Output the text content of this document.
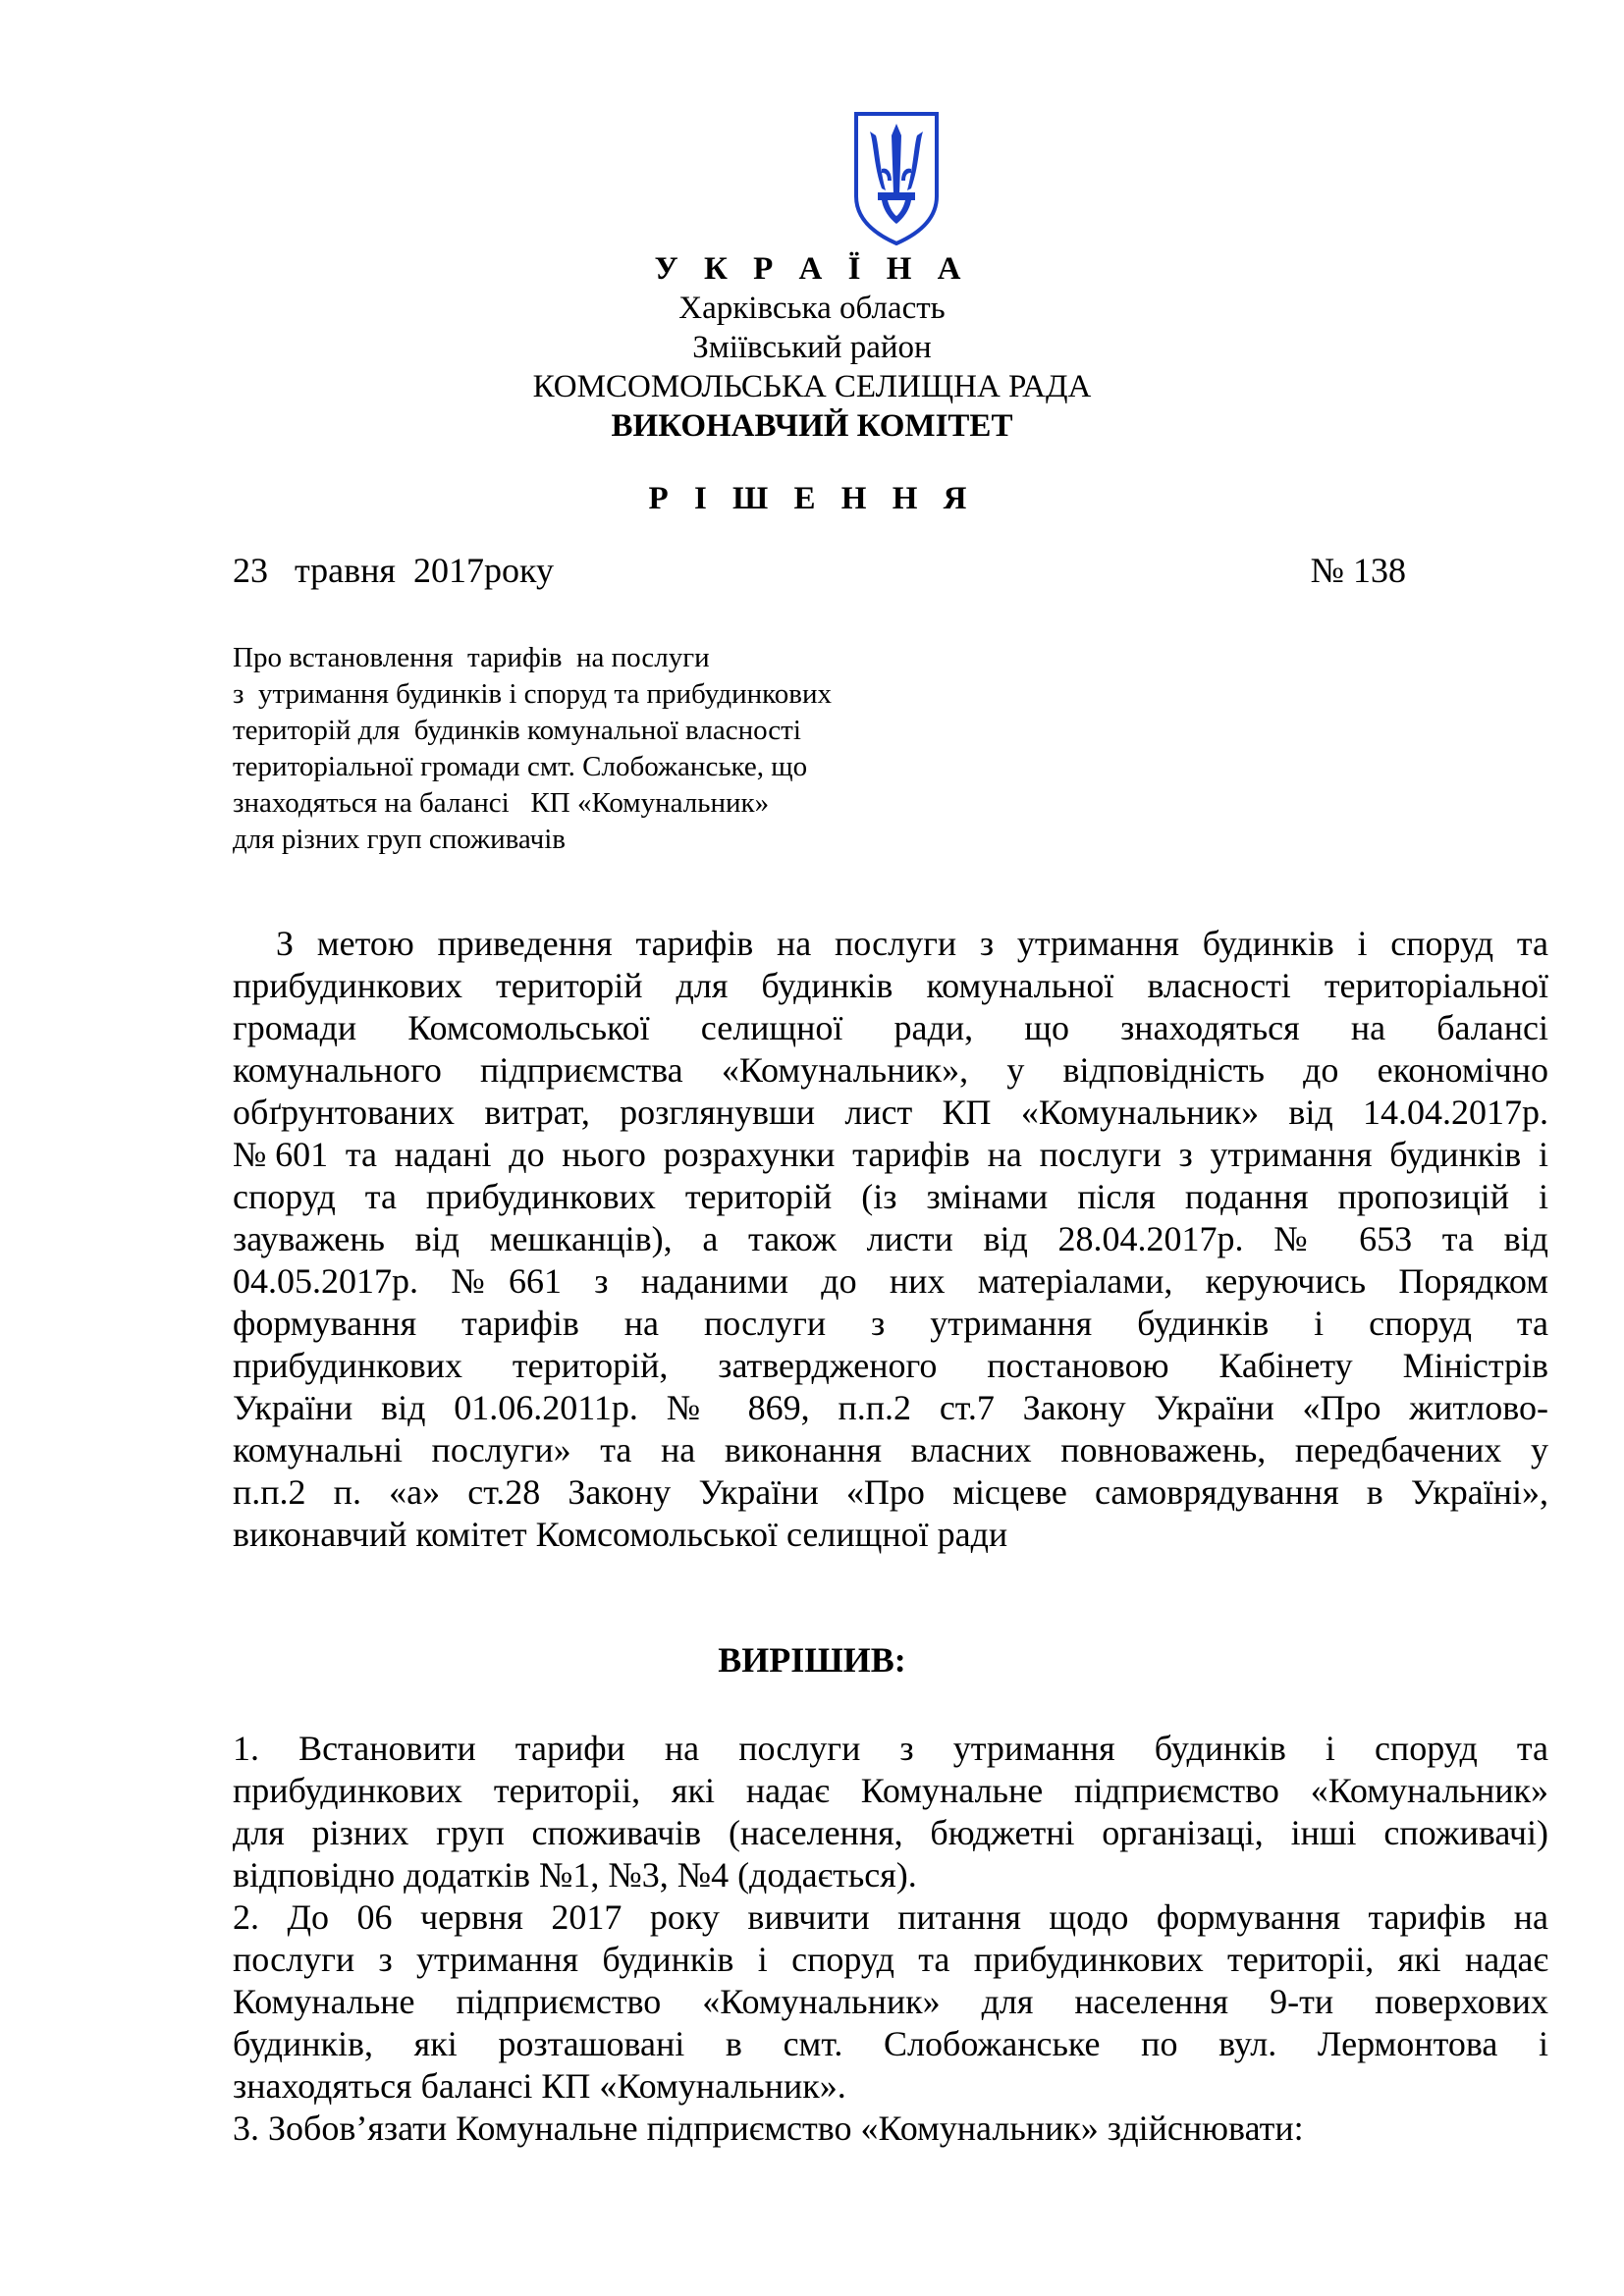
У К Р А Ї Н А
Харківська область
Зміївський район
КОМСОМОЛЬСЬКА СЕЛИЩНА РАДА
ВИКОНАВЧИЙ КОМІТЕТ
Р І Ш Е Н Н Я
23   травня  2017року	№ 138
Про встановлення  тарифів  на послуги
з  утримання будинків і споруд та прибудинкових
територій для  будинків комунальної власності
територіальної громади смт. Слобожанське, що
знаходяться на балансі   КП «Комунальник»
для різних груп споживачів
З метою приведення тарифів на послуги з утримання будинків і споруд та
прибудинкових територій для будинків комунальної власності територіальної
громади Комсомольської селищної ради, що знаходяться на балансі
комунального підприємства «Комунальник», у відповідність до економічно
обґрунтованих витрат, розглянувши лист КП «Комунальник» від 14.04.2017р.
№601 та надані до нього розрахунки тарифів на послуги з утримання будинків і
споруд та прибудинкових територій (із змінами після подання пропозицій і
зауважень від мешканців), а також листи від 28.04.2017р. № 653 та від
04.05.2017р. №661 з наданими до них матеріалами, керуючись Порядком
формування тарифів на послуги з утримання будинків і споруд та
прибудинкових територій, затвердженого постановою Кабінету Міністрів
України від 01.06.2011р. № 869, п.п.2 ст.7 Закону України «Про житлово-
комунальні послуги» та на виконання власних повноважень, передбачених у
п.п.2 п. «а» ст.28 Закону України «Про місцеве самоврядування в Україні»,
виконавчий комітет Комсомольської селищної ради
ВИРІШИВ:
1. Встановити тарифи на послуги з утримання будинків і споруд та
прибудинкових територіі, які надає Комунальне підприємство «Комунальник»
для різних груп споживачів (населення, бюджетні організаці, інші споживачі)
відповідно додатків №1, №3, №4 (додається).
2. До 06 червня 2017 року вивчити питання щодо формування тарифів на
послуги з утримання будинків і споруд та прибудинкових територіі, які надає
Комунальне підприємство «Комунальник» для населення 9-ти поверхових
будинків, які розташовані в смт. Слобожанське по вул. Лермонтова і
знаходяться балансі КП «Комунальник».
3. Зобов’язати Комунальне підприємство «Комунальник» здійснювати:
